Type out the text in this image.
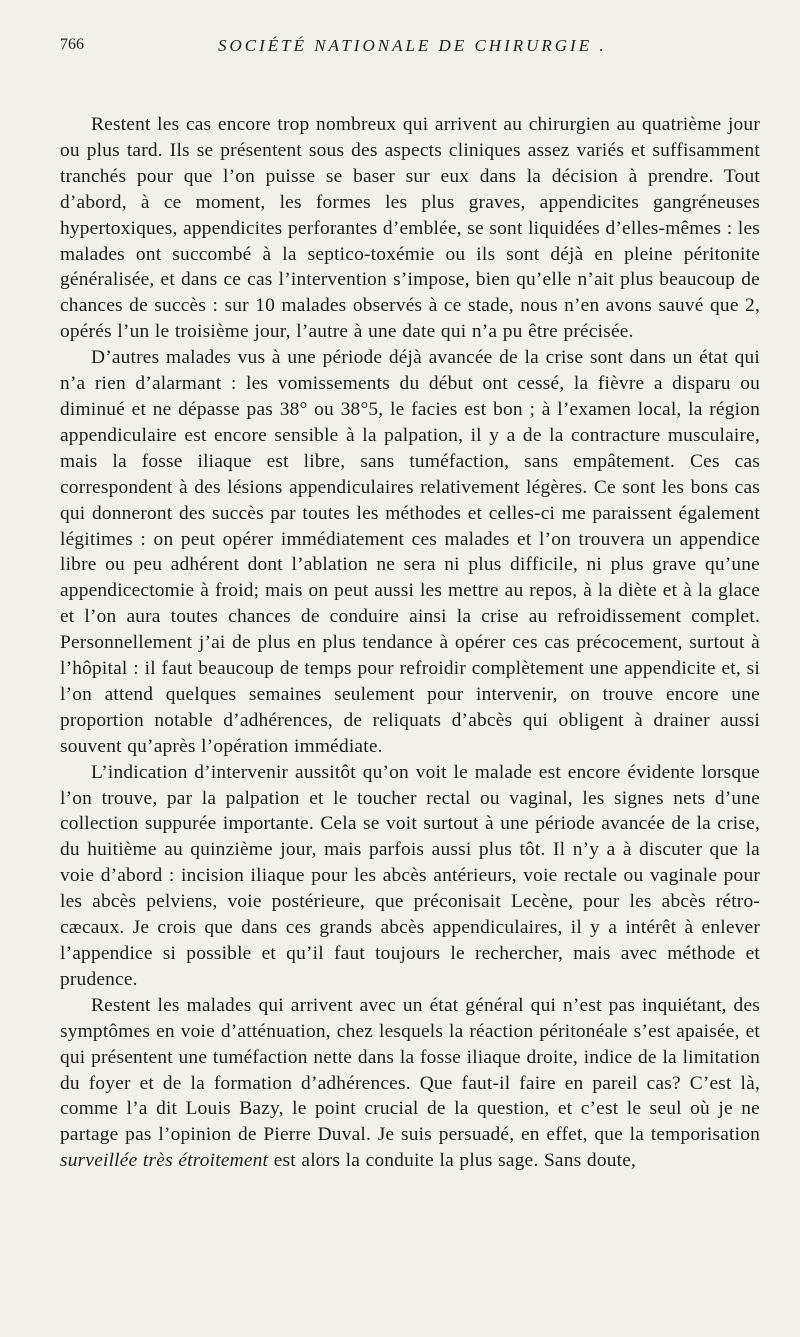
766	SOCIÉTÉ NATIONALE DE CHIRURGIE .

Restent les cas encore trop nombreux qui arrivent au chirurgien au quatrième jour ou plus tard. Ils se présentent sous des aspects cliniques assez variés et suffisamment tranchés pour que l’on puisse se baser sur eux dans la décision à prendre. Tout d’abord, à ce moment, les formes les plus graves, appendicites gangréneuses hypertoxiques, appendicites perforantes d’emblée, se sont liquidées d’elles-mêmes : les malades ont succombé à la septico-toxémie ou ils sont déjà en pleine péritonite généralisée, et dans ce cas l’intervention s’impose, bien qu’elle n’ait plus beaucoup de chances de succès : sur 10 malades observés à ce stade, nous n’en avons sauvé que 2, opérés l’un le troisième jour, l’autre à une date qui n’a pu être précisée.

D’autres malades vus à une période déjà avancée de la crise sont dans un état qui n’a rien d’alarmant : les vomissements du début ont cessé, la fièvre a disparu ou diminué et ne dépasse pas 38° ou 38°5, le facies est bon ; à l’examen local, la région appendiculaire est encore sensible à la palpation, il y a de la contracture musculaire, mais la fosse iliaque est libre, sans tuméfaction, sans empâtement. Ces cas correspondent à des lésions appendiculaires relativement légères. Ce sont les bons cas qui donneront des succès par toutes les méthodes et celles-ci me paraissent également légitimes : on peut opérer immédiatement ces malades et l’on trouvera un appendice libre ou peu adhérent dont l’ablation ne sera ni plus difficile, ni plus grave qu’une appendicectomie à froid; mais on peut aussi les mettre au repos, à la diète et à la glace et l’on aura toutes chances de conduire ainsi la crise au refroidissement complet. Personnellement j’ai de plus en plus tendance à opérer ces cas précocement, surtout à l’hôpital : il faut beaucoup de temps pour refroidir complètement une appendicite et, si l’on attend quelques semaines seulement pour intervenir, on trouve encore une proportion notable d’adhérences, de reliquats d’abcès qui obligent à drainer aussi souvent qu’après l’opération immédiate.

L’indication d’intervenir aussitôt qu’on voit le malade est encore évidente lorsque l’on trouve, par la palpation et le toucher rectal ou vaginal, les signes nets d’une collection suppurée importante. Cela se voit surtout à une période avancée de la crise, du huitième au quinzième jour, mais parfois aussi plus tôt. Il n’y a à discuter que la voie d’abord : incision iliaque pour les abcès antérieurs, voie rectale ou vaginale pour les abcès pelviens, voie postérieure, que préconisait Lecène, pour les abcès rétro-cæcaux. Je crois que dans ces grands abcès appendiculaires, il y a intérêt à enlever l’appendice si possible et qu’il faut toujours le rechercher, mais avec méthode et prudence.

Restent les malades qui arrivent avec un état général qui n’est pas inquiétant, des symptômes en voie d’atténuation, chez lesquels la réaction péritonéale s’est apaisée, et qui présentent une tuméfaction nette dans la fosse iliaque droite, indice de la limitation du foyer et de la formation d’adhérences. Que faut-il faire en pareil cas? C’est là, comme l’a dit Louis Bazy, le point crucial de la question, et c’est le seul où je ne partage pas l’opinion de Pierre Duval. Je suis persuadé, en effet, que la temporisation surveillée très étroitement est alors la conduite la plus sage. Sans doute,
